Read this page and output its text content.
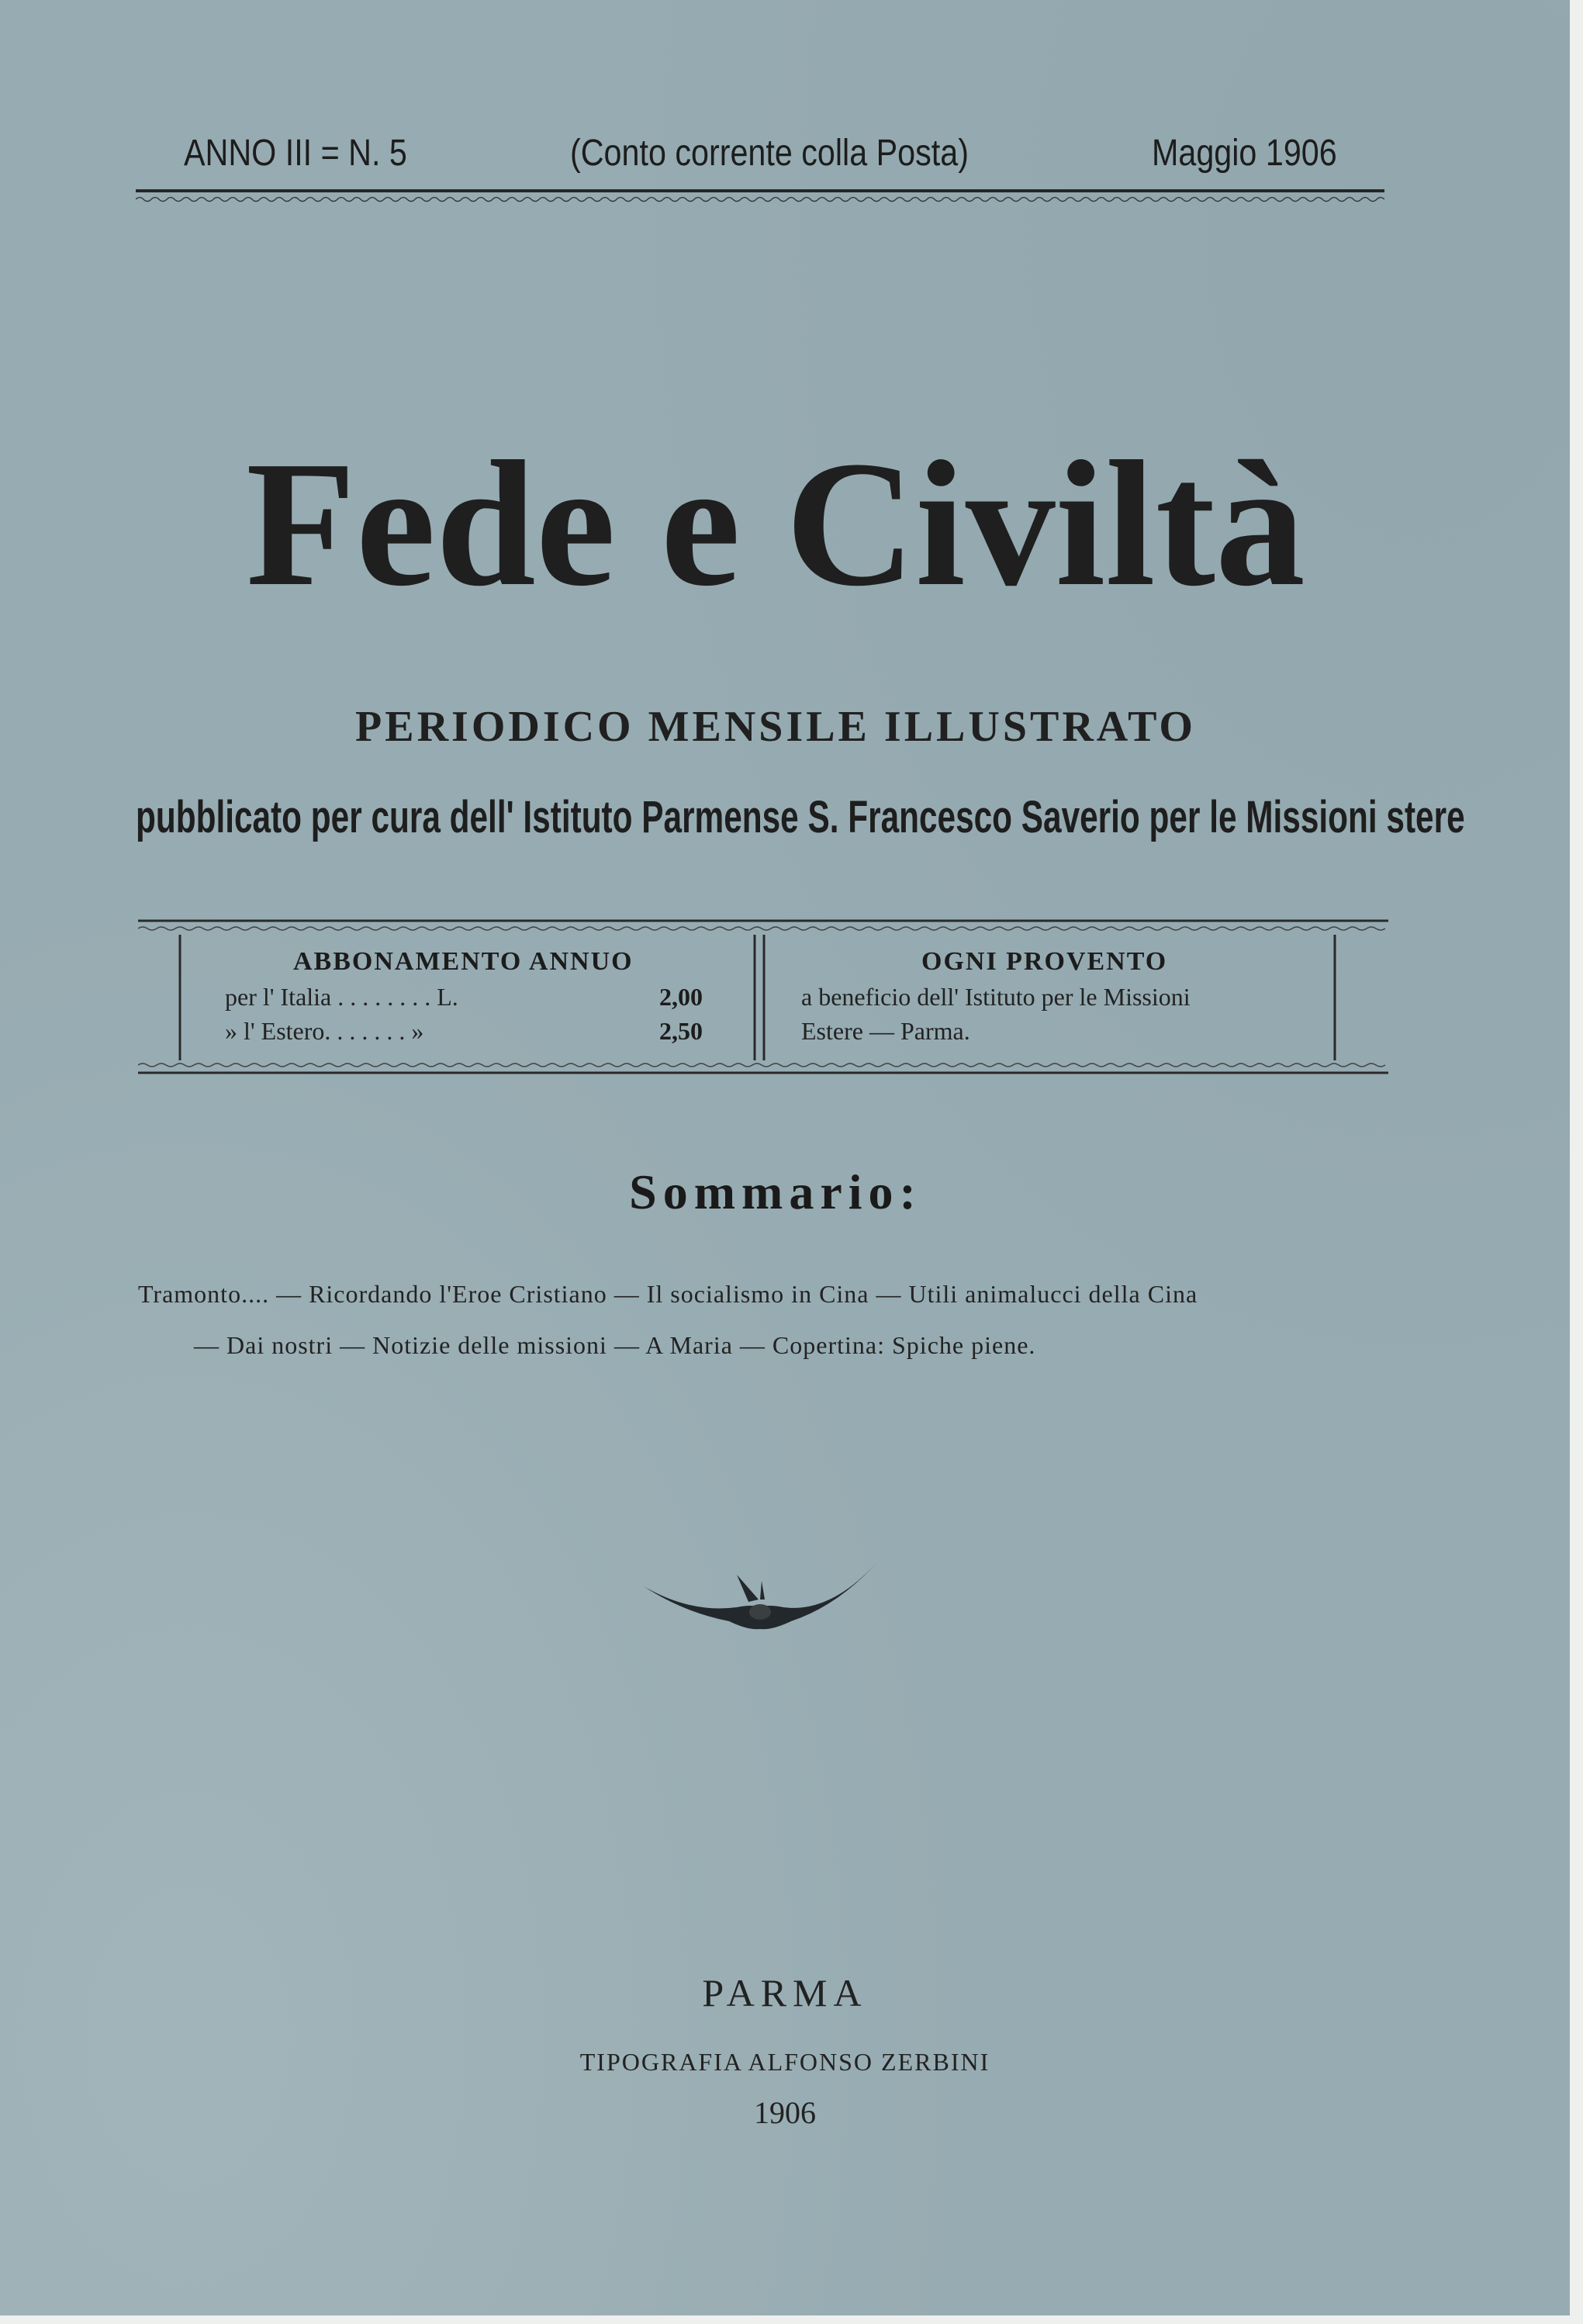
ANNO III = N. 5	(Conto corrente colla Posta)	Maggio 1906
Fede e Civiltà
PERIODICO MENSILE ILLUSTRATO
pubblicato per cura dell' Istituto Parmense S. Francesco Saverio per le Missioni stere
ABBONAMENTO ANNUO
per l' Italia . . . . . . . . L.	2,00
» l' Estero. . . . . . . »	2,50
OGNI PROVENTO
a beneficio dell' Istituto per le Missioni
Estere — Parma.
Sommario:
Tramonto.... — Ricordando l'Eroe Cristiano — Il socialismo in Cina — Utili animalucci della Cina
— Dai nostri — Notizie delle missioni — A Maria — Copertina: Spiche piene.
PARMA
TIPOGRAFIA ALFONSO ZERBINI
1906
